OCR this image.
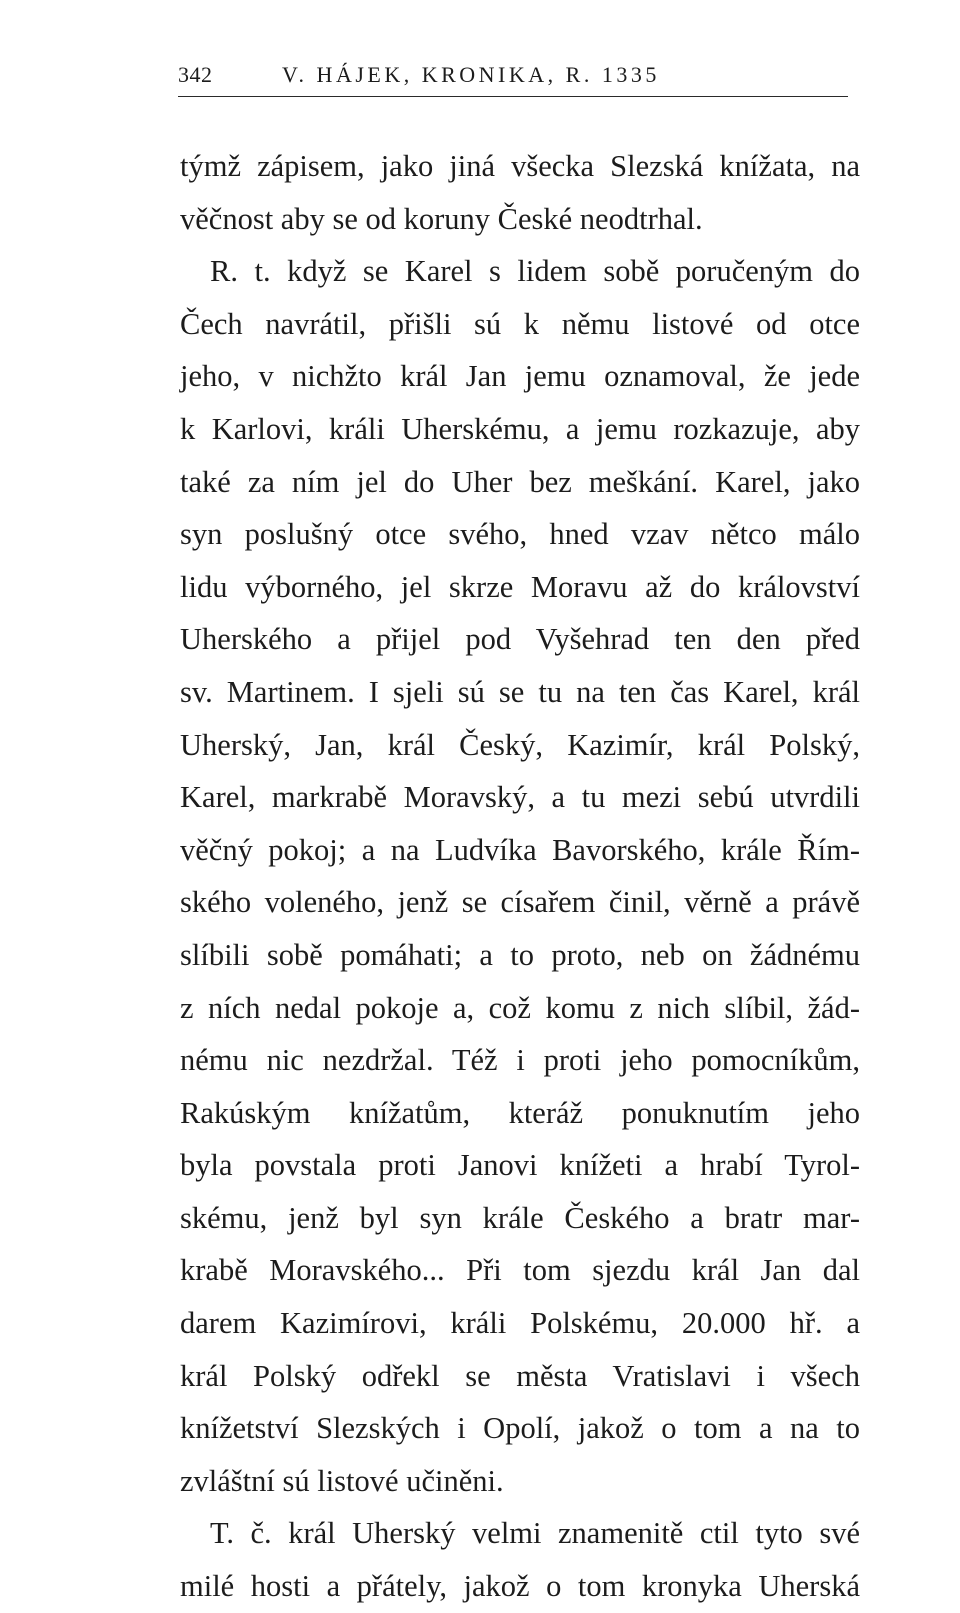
342	V. HÁJEK, KRONIKA, R. 1335
týmž zápisem, jako jiná všecka Slezská knížata, na
věčnost aby se od koruny České neodtrhal.
R. t. když se Karel s lidem sobě poručeným do
Čech navrátil, přišli sú k němu listové od otce
jeho, v nichžto král Jan jemu oznamoval, že jede
k Karlovi, králi Uherskému, a jemu rozkazuje, aby
také za ním jel do Uher bez meškání. Karel, jako
syn poslušný otce svého, hned vzav nětco málo
lidu výborného, jel skrze Moravu až do království
Uherského a přijel pod Vyšehrad ten den před
sv. Martinem. I sjeli sú se tu na ten čas Karel, král
Uherský, Jan, král Český, Kazimír, král Polský,
Karel, markrabě Moravský, a tu mezi sebú utvrdili
věčný pokoj; a na Ludvíka Bavorského, krále Řím-
ského voleného, jenž se císařem činil, věrně a právě
slíbili sobě pomáhati; a to proto, neb on žádnému
z ních nedal pokoje a, což komu z nich slíbil, žád-
nému nic nezdržal. Též i proti jeho pomocníkům,
Rakúským knížatům, kteráž ponuknutím jeho
byla povstala proti Janovi knížeti a hrabí Tyrol-
skému, jenž byl syn krále Českého a bratr mar-
krabě Moravského... Při tom sjezdu král Jan dal
darem Kazimírovi, králi Polskému, 20.000 hř. a
král Polský odřekl se města Vratislavi i všech
knížetství Slezských i Opolí, jakož o tom a na to
zvláštní sú listové učiněni.
T. č. král Uherský velmi znamenitě ctil tyto své
milé hosti a přátely, jakož o tom kronyka Uherská
